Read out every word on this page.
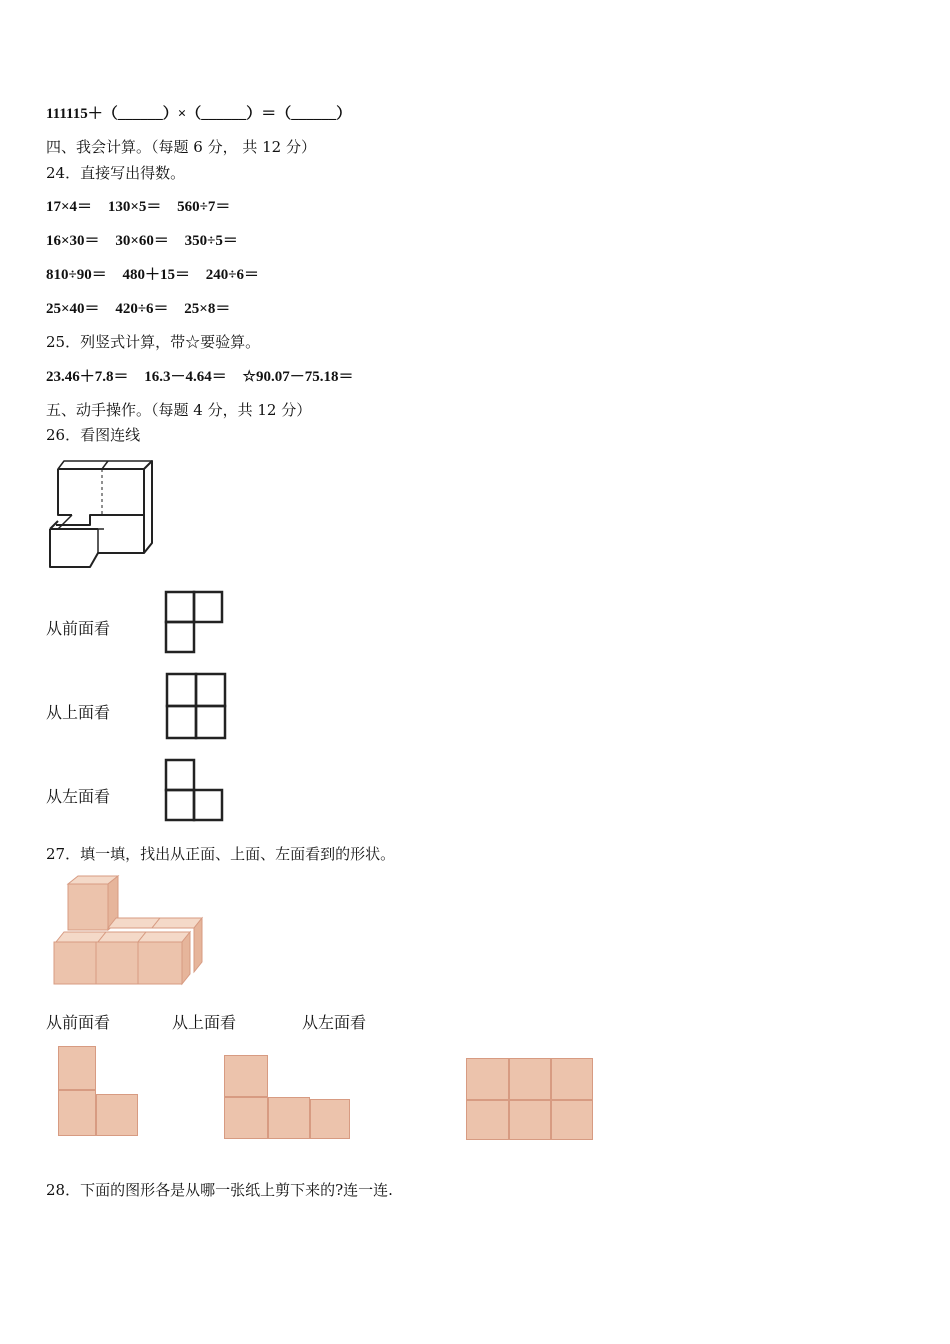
111115＋（______）×（______）＝（______）
四、我会计算。（每题 6 分， 共 12 分）
24．直接写出得数。
17×4＝ 130×5＝ 560÷7＝
16×30＝ 30×60＝ 350÷5＝
810÷90＝ 480＋15＝ 240÷6＝
25×40＝ 420÷6＝ 25×8＝
25．列竖式计算，带☆要验算。
23.46＋7.8＝ 16.3－4.64＝ ☆90.07－75.18＝
五、动手操作。（每题 4 分，共 12 分）
26．看图连线
从前面看
从上面看
从左面看
27．填一填，找出从正面、上面、左面看到的形状。
从前面看	从上面看	从左面看
28．下面的图形各是从哪一张纸上剪下来的?连一连.
